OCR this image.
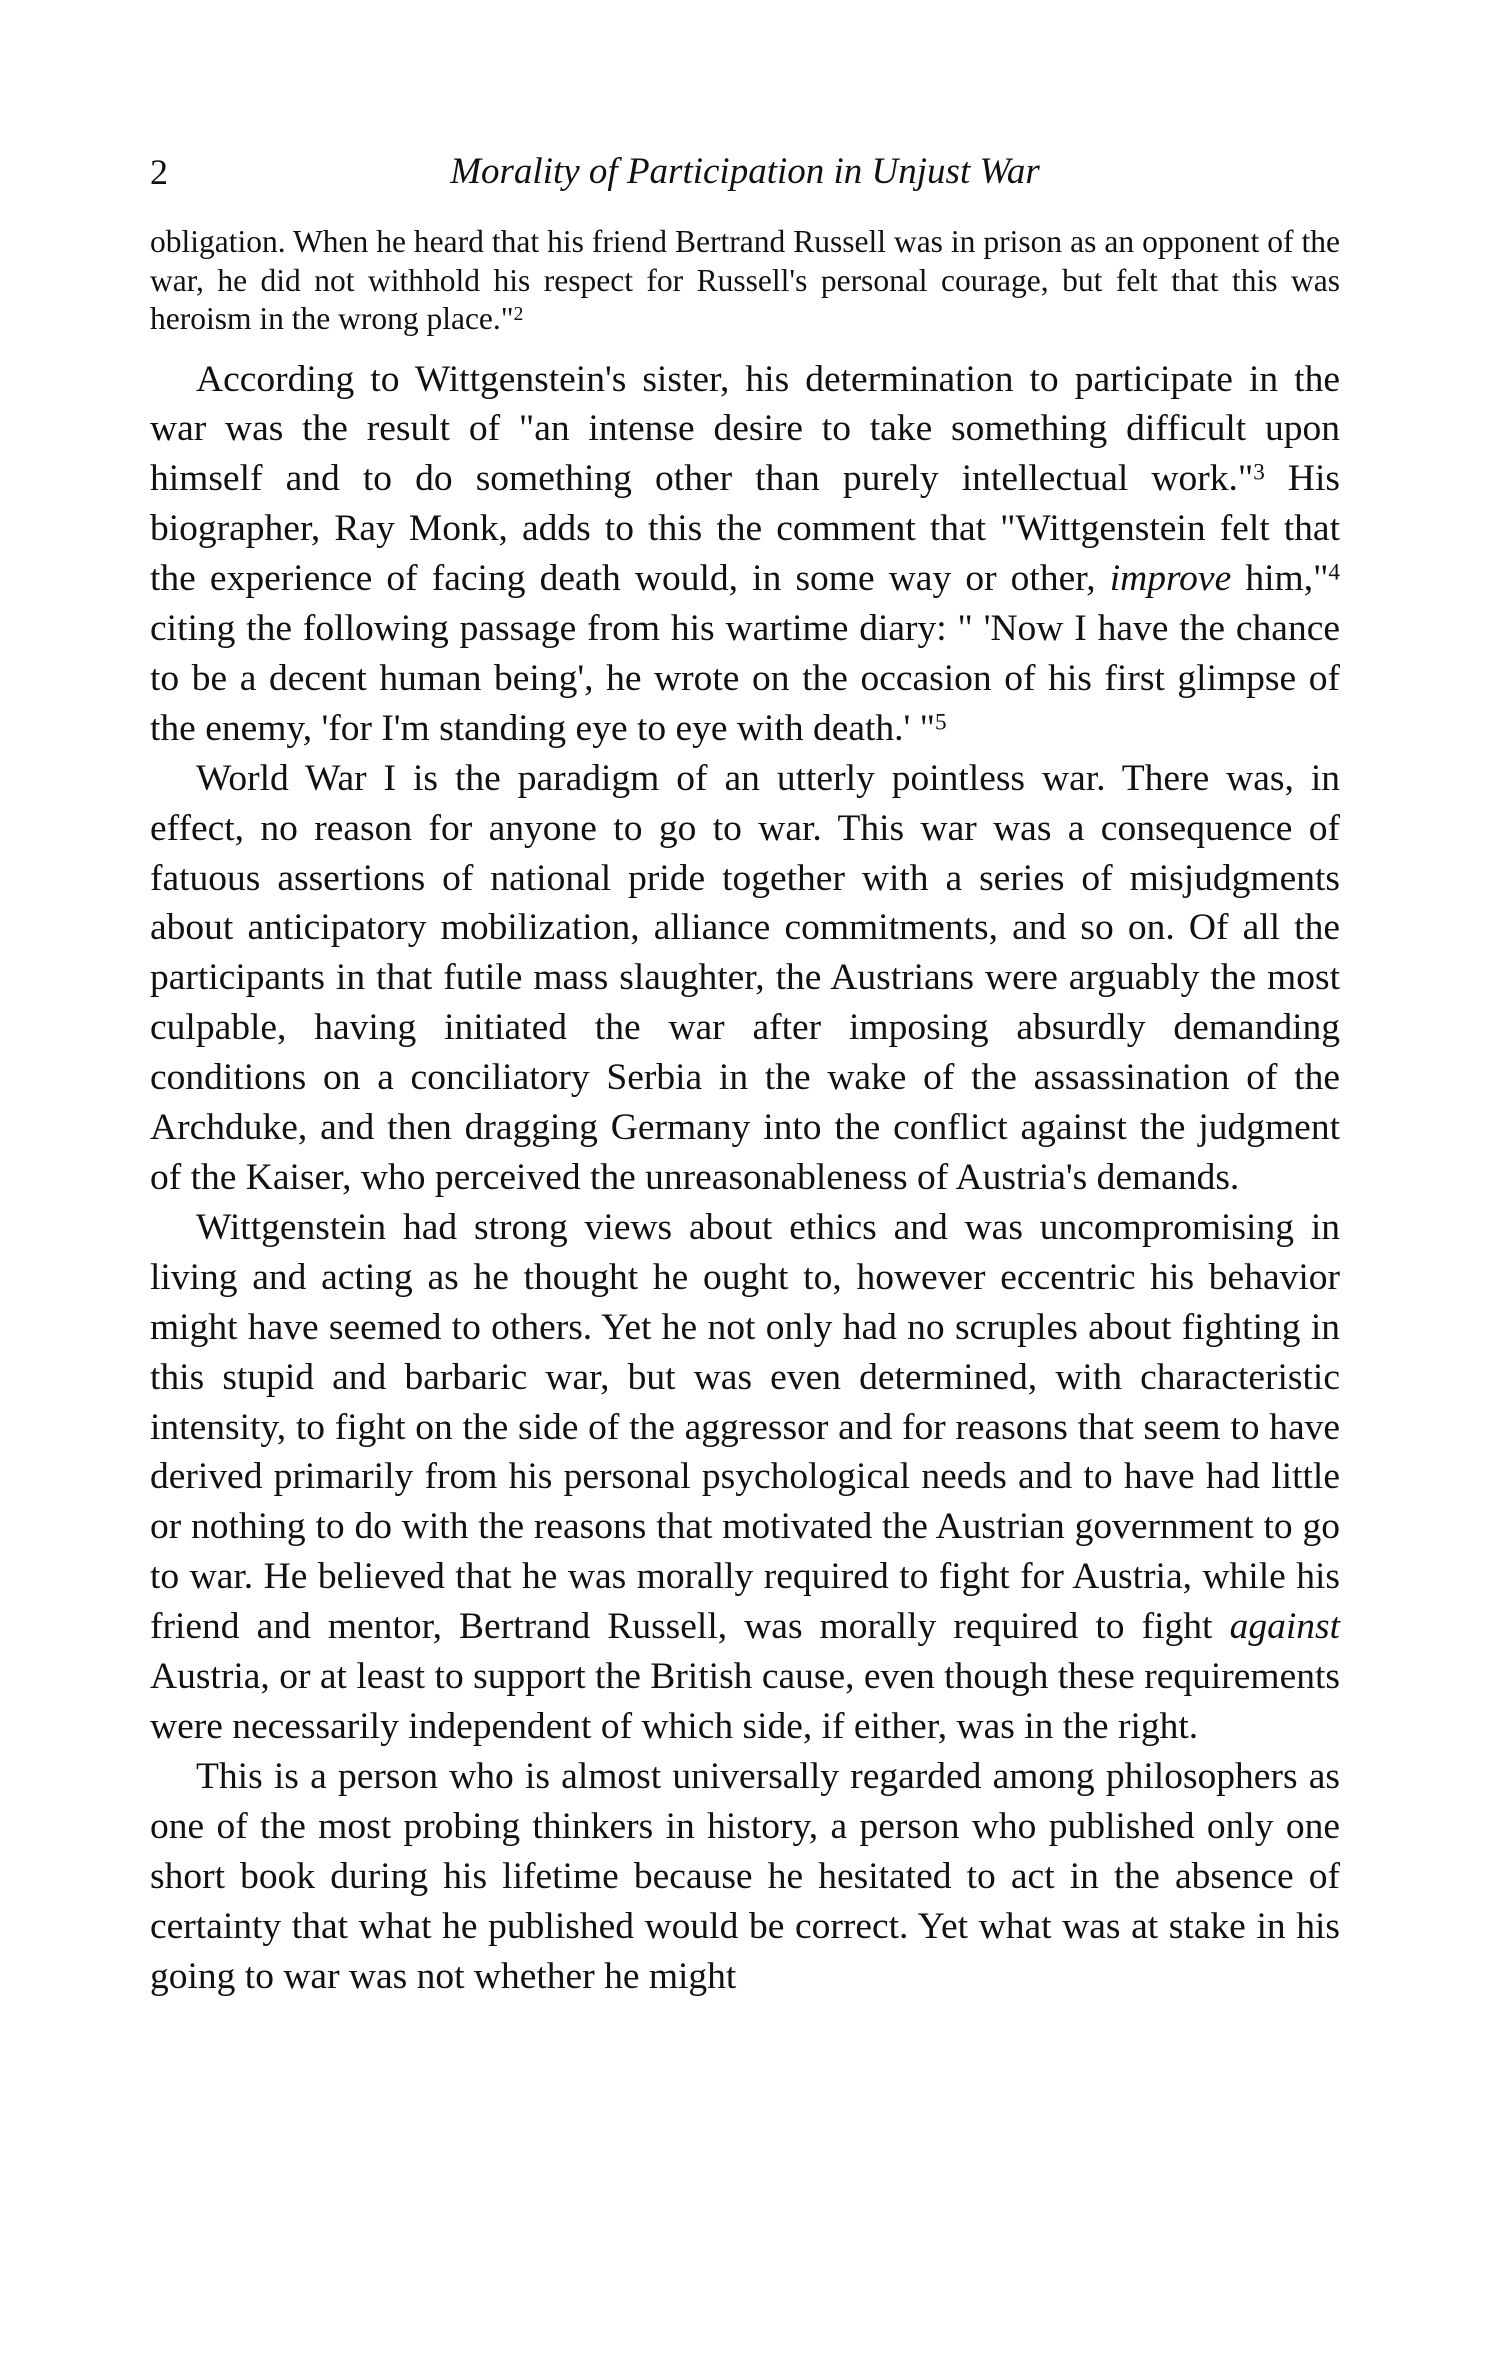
2	Morality of Participation in Unjust War

obligation. When he heard that his friend Bertrand Russell was in prison as an opponent of the war, he did not withhold his respect for Russell's personal courage, but felt that this was heroism in the wrong place."$^2$

According to Wittgenstein's sister, his determination to participate in the war was the result of "an intense desire to take something difficult upon himself and to do something other than purely intellectual work."$^3$ His biographer, Ray Monk, adds to this the comment that "Wittgenstein felt that the experience of facing death would, in some way or other, improve him,"$^4$ citing the following passage from his wartime diary: " 'Now I have the chance to be a decent human being', he wrote on the occasion of his first glimpse of the enemy, 'for I'm standing eye to eye with death.' "$^5$

World War I is the paradigm of an utterly pointless war. There was, in effect, no reason for anyone to go to war. This war was a consequence of fatuous assertions of national pride together with a series of misjudgments about anticipatory mobilization, alliance commitments, and so on. Of all the participants in that futile mass slaughter, the Austrians were arguably the most culpable, having initiated the war after imposing absurdly demanding conditions on a conciliatory Serbia in the wake of the assassination of the Archduke, and then dragging Germany into the conflict against the judgment of the Kaiser, who perceived the unreasonableness of Austria's demands.

Wittgenstein had strong views about ethics and was uncompromising in living and acting as he thought he ought to, however eccentric his behavior might have seemed to others. Yet he not only had no scruples about fighting in this stupid and barbaric war, but was even determined, with characteristic intensity, to fight on the side of the aggressor and for reasons that seem to have derived primarily from his personal psychological needs and to have had little or nothing to do with the reasons that motivated the Austrian government to go to war. He believed that he was morally required to fight for Austria, while his friend and mentor, Bertrand Russell, was morally required to fight against Austria, or at least to support the British cause, even though these requirements were necessarily independent of which side, if either, was in the right.

This is a person who is almost universally regarded among philosophers as one of the most probing thinkers in history, a person who published only one short book during his lifetime because he hesitated to act in the absence of certainty that what he published would be correct. Yet what was at stake in his going to war was not whether he might
